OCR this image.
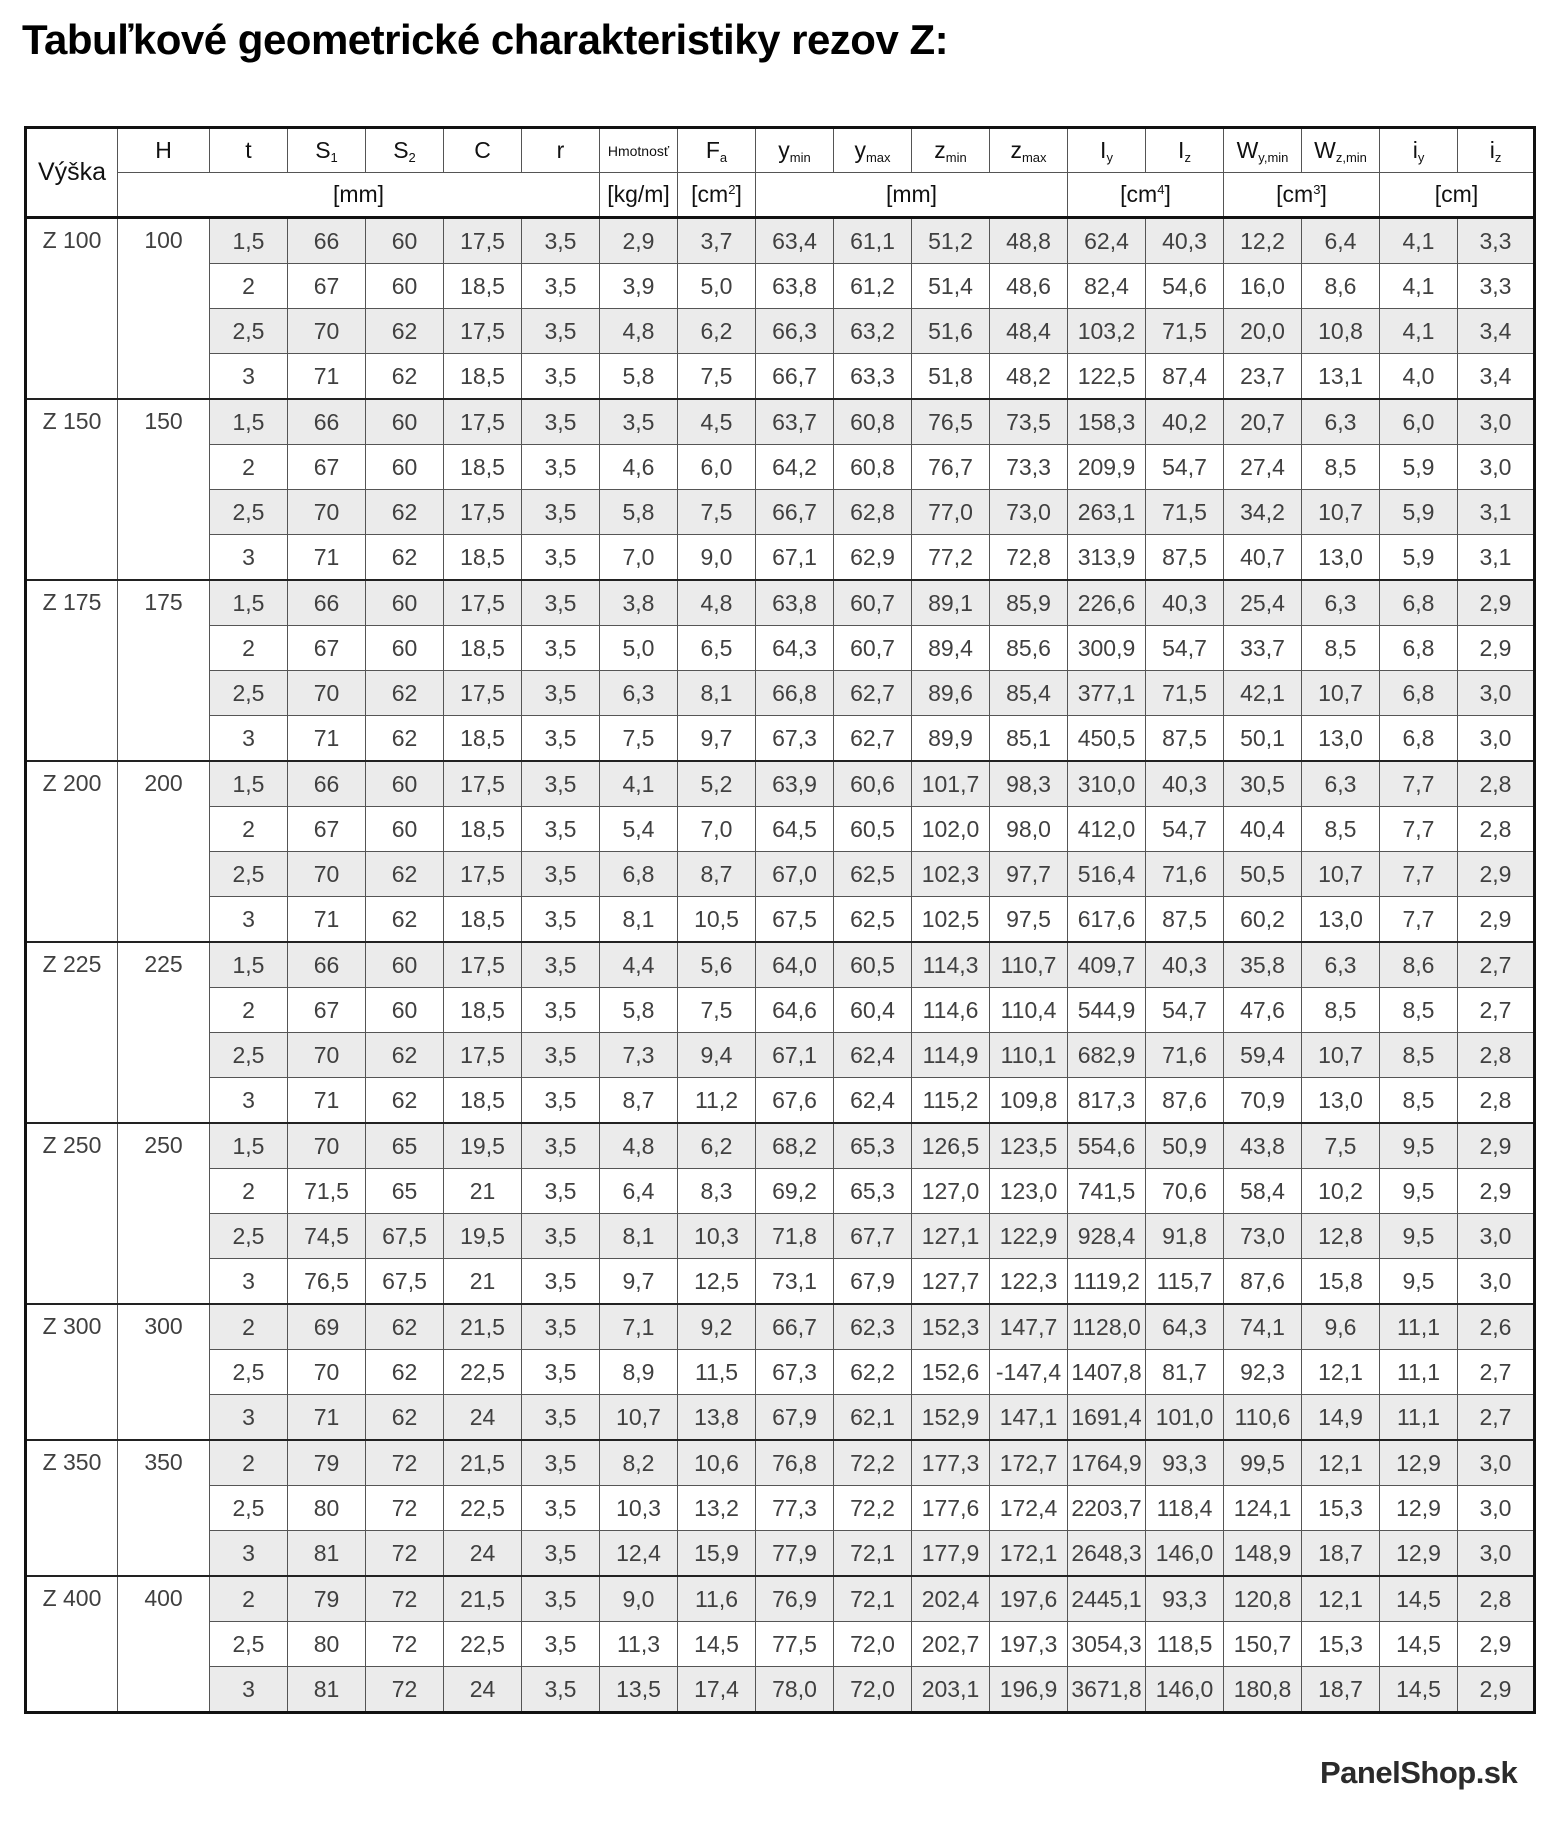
Tabuľkové geometrické charakteristiky rezov Z:
Výška	H	t	$S_1$	$S_2$	C	r	Hmotnosť	$F_a$	$y_{min}$	$y_{max}$	$z_{min}$	$z_{max}$	$I_y$	$I_z$	$W_{y,min}$	$W_{z,min}$	$i_y$	$i_z$
	[mm]						[kg/m]	$[cm^2]$	[mm]				$[cm^4]$		$[cm^3]$		[cm]	
Z 100	100	1,5	66	60	17,5	3,5	2,9	3,7	63,4	61,1	51,2	48,8	62,4	40,3	12,2	6,4	4,1	3,3
		2	67	60	18,5	3,5	3,9	5,0	63,8	61,2	51,4	48,6	82,4	54,6	16,0	8,6	4,1	3,3
		2,5	70	62	17,5	3,5	4,8	6,2	66,3	63,2	51,6	48,4	103,2	71,5	20,0	10,8	4,1	3,4
		3	71	62	18,5	3,5	5,8	7,5	66,7	63,3	51,8	48,2	122,5	87,4	23,7	13,1	4,0	3,4
Z 150	150	1,5	66	60	17,5	3,5	3,5	4,5	63,7	60,8	76,5	73,5	158,3	40,2	20,7	6,3	6,0	3,0
		2	67	60	18,5	3,5	4,6	6,0	64,2	60,8	76,7	73,3	209,9	54,7	27,4	8,5	5,9	3,0
		2,5	70	62	17,5	3,5	5,8	7,5	66,7	62,8	77,0	73,0	263,1	71,5	34,2	10,7	5,9	3,1
		3	71	62	18,5	3,5	7,0	9,0	67,1	62,9	77,2	72,8	313,9	87,5	40,7	13,0	5,9	3,1
Z 175	175	1,5	66	60	17,5	3,5	3,8	4,8	63,8	60,7	89,1	85,9	226,6	40,3	25,4	6,3	6,8	2,9
		2	67	60	18,5	3,5	5,0	6,5	64,3	60,7	89,4	85,6	300,9	54,7	33,7	8,5	6,8	2,9
		2,5	70	62	17,5	3,5	6,3	8,1	66,8	62,7	89,6	85,4	377,1	71,5	42,1	10,7	6,8	3,0
		3	71	62	18,5	3,5	7,5	9,7	67,3	62,7	89,9	85,1	450,5	87,5	50,1	13,0	6,8	3,0
Z 200	200	1,5	66	60	17,5	3,5	4,1	5,2	63,9	60,6	101,7	98,3	310,0	40,3	30,5	6,3	7,7	2,8
		2	67	60	18,5	3,5	5,4	7,0	64,5	60,5	102,0	98,0	412,0	54,7	40,4	8,5	7,7	2,8
		2,5	70	62	17,5	3,5	6,8	8,7	67,0	62,5	102,3	97,7	516,4	71,6	50,5	10,7	7,7	2,9
		3	71	62	18,5	3,5	8,1	10,5	67,5	62,5	102,5	97,5	617,6	87,5	60,2	13,0	7,7	2,9
Z 225	225	1,5	66	60	17,5	3,5	4,4	5,6	64,0	60,5	114,3	110,7	409,7	40,3	35,8	6,3	8,6	2,7
		2	67	60	18,5	3,5	5,8	7,5	64,6	60,4	114,6	110,4	544,9	54,7	47,6	8,5	8,5	2,7
		2,5	70	62	17,5	3,5	7,3	9,4	67,1	62,4	114,9	110,1	682,9	71,6	59,4	10,7	8,5	2,8
		3	71	62	18,5	3,5	8,7	11,2	67,6	62,4	115,2	109,8	817,3	87,6	70,9	13,0	8,5	2,8
Z 250	250	1,5	70	65	19,5	3,5	4,8	6,2	68,2	65,3	126,5	123,5	554,6	50,9	43,8	7,5	9,5	2,9
		2	71,5	65	21	3,5	6,4	8,3	69,2	65,3	127,0	123,0	741,5	70,6	58,4	10,2	9,5	2,9
		2,5	74,5	67,5	19,5	3,5	8,1	10,3	71,8	67,7	127,1	122,9	928,4	91,8	73,0	12,8	9,5	3,0
		3	76,5	67,5	21	3,5	9,7	12,5	73,1	67,9	127,7	122,3	1119,2	115,7	87,6	15,8	9,5	3,0
Z 300	300	2	69	62	21,5	3,5	7,1	9,2	66,7	62,3	152,3	147,7	1128,0	64,3	74,1	9,6	11,1	2,6
		2,5	70	62	22,5	3,5	8,9	11,5	67,3	62,2	152,6	-147,4	1407,8	81,7	92,3	12,1	11,1	2,7
		3	71	62	24	3,5	10,7	13,8	67,9	62,1	152,9	147,1	1691,4	101,0	110,6	14,9	11,1	2,7
Z 350	350	2	79	72	21,5	3,5	8,2	10,6	76,8	72,2	177,3	172,7	1764,9	93,3	99,5	12,1	12,9	3,0
		2,5	80	72	22,5	3,5	10,3	13,2	77,3	72,2	177,6	172,4	2203,7	118,4	124,1	15,3	12,9	3,0
		3	81	72	24	3,5	12,4	15,9	77,9	72,1	177,9	172,1	2648,3	146,0	148,9	18,7	12,9	3,0
Z 400	400	2	79	72	21,5	3,5	9,0	11,6	76,9	72,1	202,4	197,6	2445,1	93,3	120,8	12,1	14,5	2,8
		2,5	80	72	22,5	3,5	11,3	14,5	77,5	72,0	202,7	197,3	3054,3	118,5	150,7	15,3	14,5	2,9
		3	81	72	24	3,5	13,5	17,4	78,0	72,0	203,1	196,9	3671,8	146,0	180,8	18,7	14,5	2,9
PanelShop.sk
